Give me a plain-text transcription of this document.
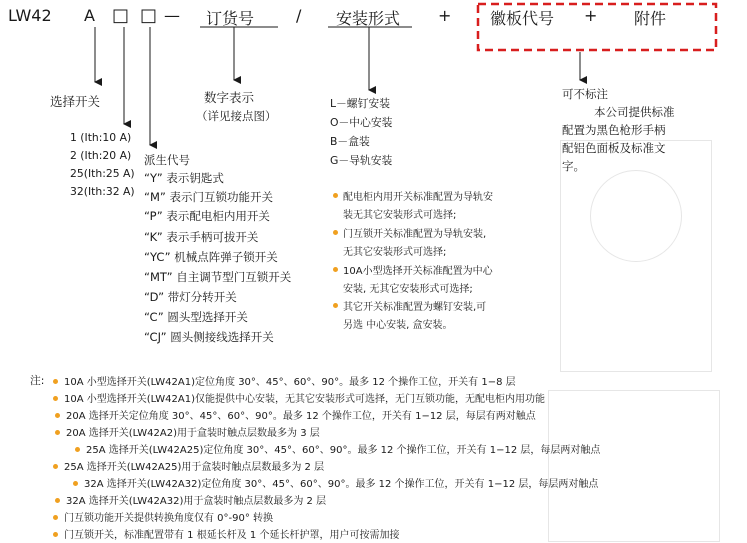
LW42 A □ □ — 订货号	/ 安装形式 + 徽板代号 + 附件
选择开关
1 (Ith:10 A)
2 (Ith:20 A)
25(Ith:25 A)
32(Ith:32 A)
数字表示
（详见接点图）
派生代号
“Y” 表示钥匙式
“M” 表示门互锁功能开关
“P” 表示配电柜内用开关
“K” 表示手柄可拔开关
“YC” 机械点阵弹子锁开关
“MT” 自主调节型门互锁开关
“D” 带灯分转开关
“C” 圆头型选择开关
“CJ” 圆头侧接线选择开关
L－螺钉安装
O－中心安装
B－盒装
G－导轨安装
配电柜内用开关标准配置为导轨安
装无其它安装形式可选择;
门互锁开关标准配置为导轨安装,
无其它安装形式可选择;
10A小型选择开关标准配置为中心
安装, 无其它安装形式可选择;
其它开关标准配置为螺钉安装,可
另选 中心安装, 盒安装。
可不标注
本公司提供标准
配置为黑色枪形手柄
配铝色面板及标准文
字。
注: 10A 小型选择开关(LW42A1)定位角度 30°、45°、60°、90°。最多 12 个操作工位，开关有 1−8 层
10A 小型选择开关(LW42A1)仅能提供中心安装，无其它安装形式可选择，无门互锁功能，无配电柜内用功能
20A 选择开关定位角度 30°、45°、60°、90°。最多 12 个操作工位，开关有 1−12 层，每层有两对触点
20A 选择开关(LW42A2)用于盒装时触点层数最多为 3 层
25A 选择开关(LW42A25)定位角度 30°、45°、60°、90°。最多 12 个操作工位，开关有 1−12 层，每层两对触点
25A 选择开关(LW42A25)用于盒装时触点层数最多为 2 层
32A 选择开关(LW42A32)定位角度 30°、45°、60°、90°。最多 12 个操作工位，开关有 1−12 层，每层两对触点
32A 选择开关(LW42A32)用于盒装时触点层数最多为 2 层
门互锁功能开关提供转换角度仅有 0°-90° 转换
门互锁开关，标准配置带有 1 根延长杆及 1 个延长杆护罩，用户可按需加接
